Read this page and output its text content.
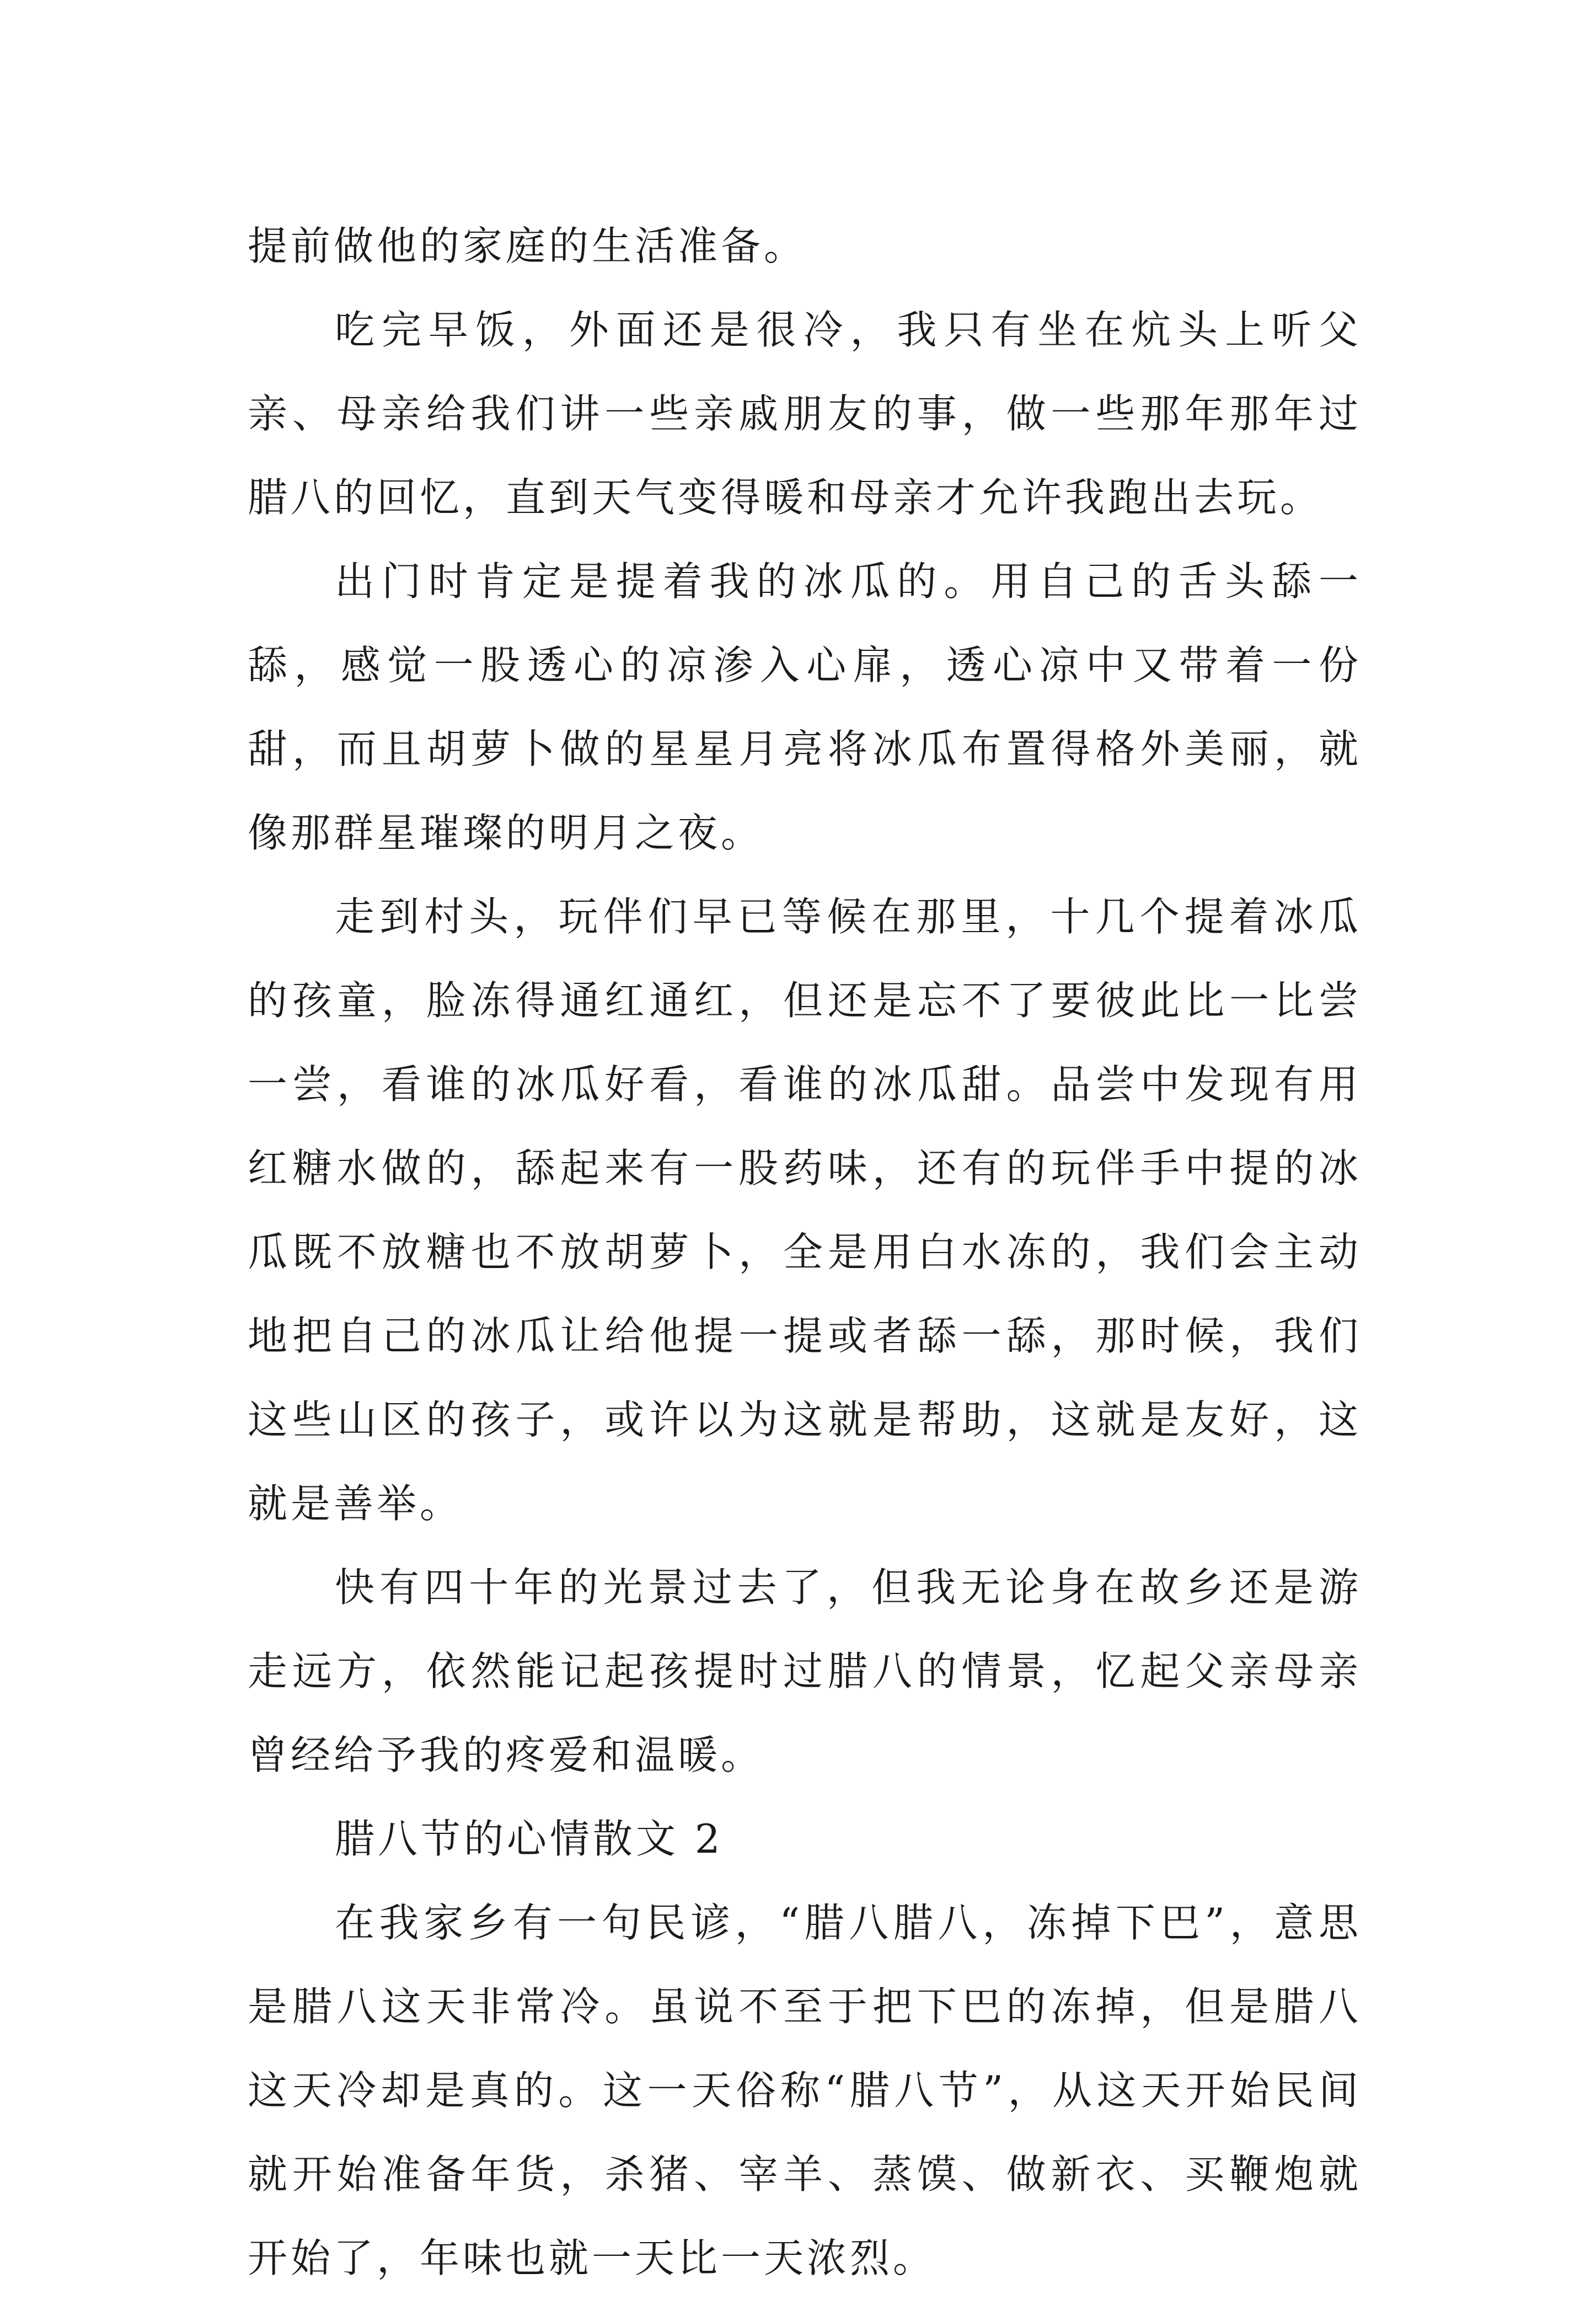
提前做他的家庭的生活准备。

吃完早饭，外面还是很冷，我只有坐在炕头上听父亲、母亲给我们讲一些亲戚朋友的事，做一些那年那年过腊八的回忆，直到天气变得暖和母亲才允许我跑出去玩。

出门时肯定是提着我的冰瓜的。用自己的舌头舔一舔，感觉一股透心的凉渗入心扉，透心凉中又带着一份甜，而且胡萝卜做的星星月亮将冰瓜布置得格外美丽，就像那群星璀璨的明月之夜。

走到村头，玩伴们早已等候在那里，十几个提着冰瓜的孩童，脸冻得通红通红，但还是忘不了要彼此比一比尝一尝，看谁的冰瓜好看，看谁的冰瓜甜。品尝中发现有用红糖水做的，舔起来有一股药味，还有的玩伴手中提的冰瓜既不放糖也不放胡萝卜，全是用白水冻的，我们会主动地把自己的冰瓜让给他提一提或者舔一舔，那时候，我们这些山区的孩子，或许以为这就是帮助，这就是友好，这就是善举。

快有四十年的光景过去了，但我无论身在故乡还是游走远方，依然能记起孩提时过腊八的情景，忆起父亲母亲曾经给予我的疼爱和温暖。

腊八节的心情散文 2

在我家乡有一句民谚，“腊八腊八，冻掉下巴”，意思是腊八这天非常冷。虽说不至于把下巴的冻掉，但是腊八这天冷却是真的。这一天俗称“腊八节”，从这天开始民间就开始准备年货，杀猪、宰羊、蒸馍、做新衣、买鞭炮就开始了，年味也就一天比一天浓烈。
